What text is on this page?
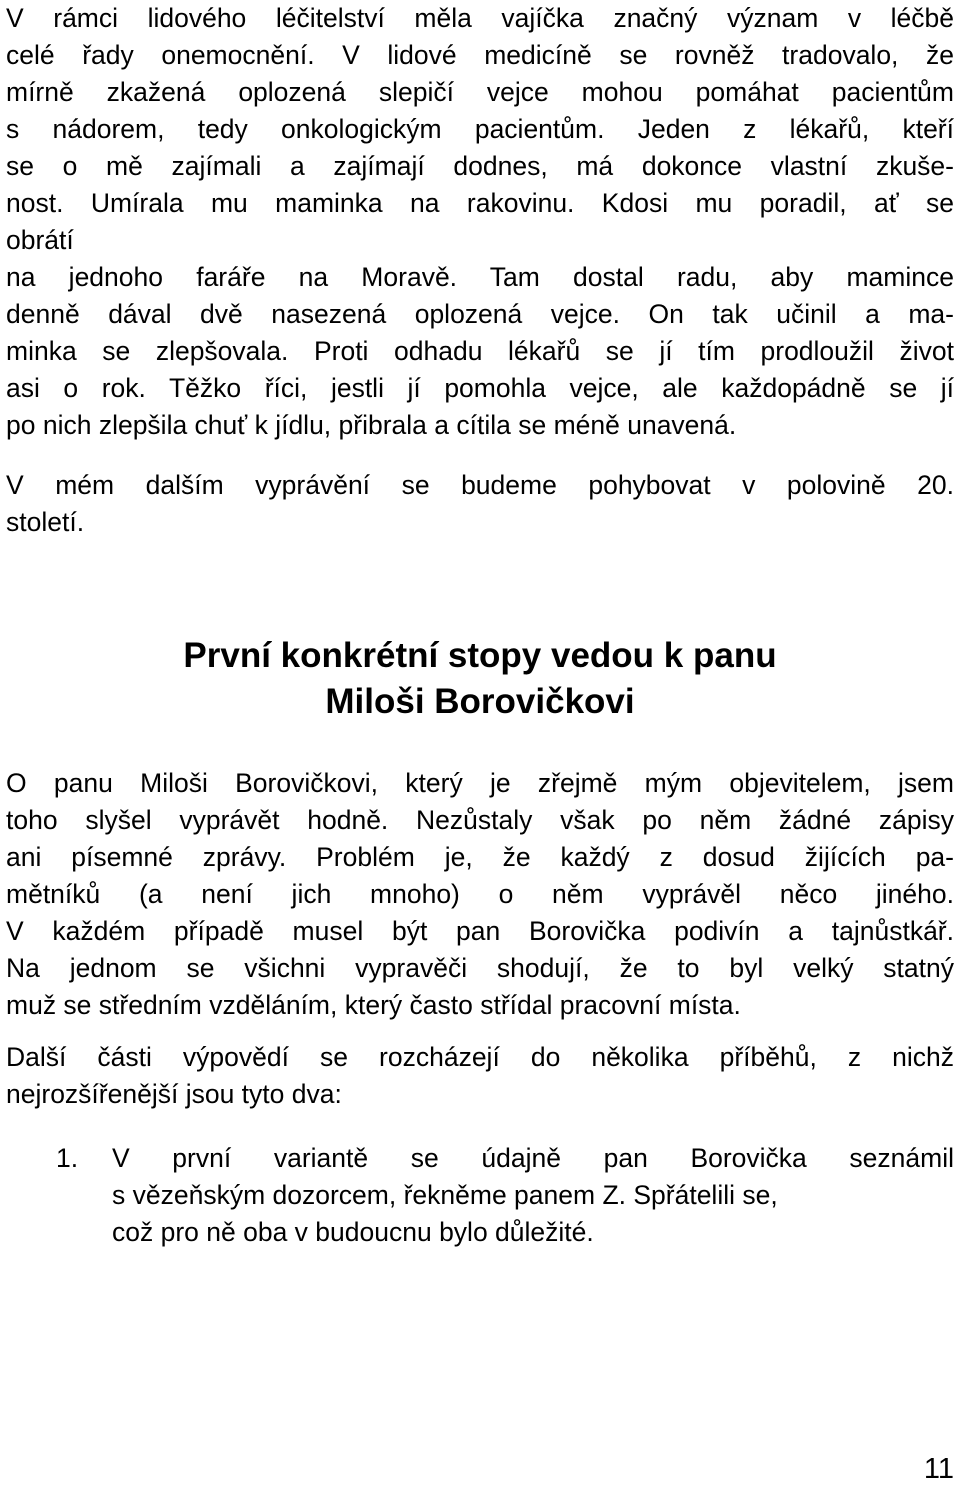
V rámci lidového léčitelství měla vajíčka značný význam v léčbě
celé řady onemocnění. V lidové medicíně se rovněž tradovalo, že
mírně zkažená oplozená slepičí vejce mohou pomáhat pacientům
s nádorem, tedy onkologickým pacientům. Jeden z lékařů, kteří
se o mě zajímali a zajímají dodnes, má dokonce vlastní zkuše-
nost. Umírala mu maminka na rakovinu. Kdosi mu poradil, ať se
obrátí
na jednoho faráře na Moravě. Tam dostal radu, aby mamince
denně dával dvě nasezená oplozená vejce. On tak učinil a ma-
minka se zlepšovala. Proti odhadu lékařů se jí tím prodloužil život
asi o rok. Těžko říci, jestli jí pomohla vejce, ale každopádně se jí
po nich zlepšila chuť k jídlu, přibrala a cítila se méně unavená.
V mém dalším vyprávění se budeme pohybovat v polovině 20.
století.
První konkrétní stopy vedou k panu
Miloši Borovičkovi
O panu Miloši Borovičkovi, který je zřejmě mým objevitelem, jsem
toho slyšel vyprávět hodně. Nezůstaly však po něm žádné zápisy
ani písemné zprávy. Problém je, že každý z dosud žijících pa-
mětníků (a není jich mnoho) o něm vyprávěl něco jiného.
V každém případě musel být pan Borovička podivín a tajnůstkář.
Na jednom se všichni vypravěči shodují, že to byl velký statný
muž se středním vzděláním, který často střídal pracovní místa.
Další části výpovědí se rozcházejí do několika příběhů, z nichž
nejrozšířenější jsou tyto dva:
1. V první variantě se údajně pan Borovička seznámil
s vězeňským dozorcem, řekněme panem Z. Spřátelili se,
což pro ně oba v budoucnu bylo důležité.
11
